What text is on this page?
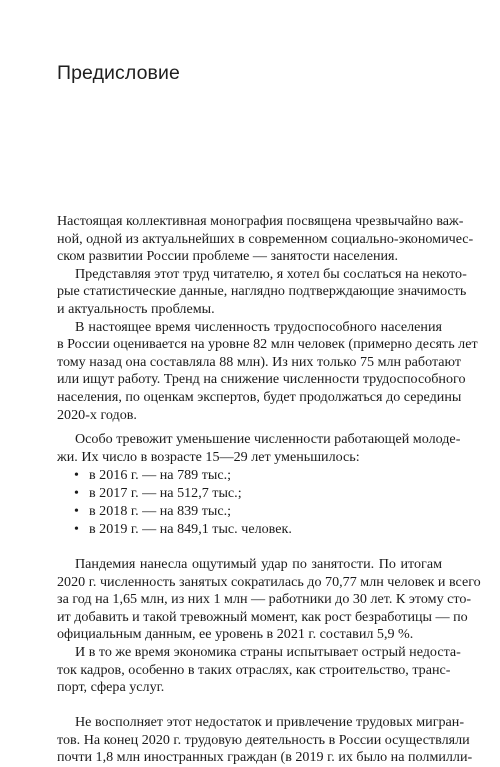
Предисловие

Настоящая коллективная монография посвящена чрезвычайно важ-
ной, одной из актуальнейших в современном социально-экономичес-
ском развитии России проблеме — занятости населения.

Представляя этот труд читателю, я хотел бы сослаться на некото-
рые статистические данные, наглядно подтверждающие значимость
и актуальность проблемы.

В настоящее время численность трудоспособного населения
в России оценивается на уровне 82 млн человек (примерно десять лет
тому назад она составляла 88 млн). Из них только 75 млн работают
или ищут работу. Тренд на снижение численности трудоспособного
населения, по оценкам экспертов, будет продолжаться до середины
2020-х годов.

Особо тревожит уменьшение численности работающей молоде-
жи. Их число в возрасте 15—29 лет уменьшилось:

• в 2016 г. — на 789 тыс.;
• в 2017 г. — на 512,7 тыс.;
• в 2018 г. — на 839 тыс.;
• в 2019 г. — на 849,1 тыс. человек.

Пандемия нанесла ощутимый удар по занятости. По итогам
2020 г. численность занятых сократилась до 70,77 млн человек и всего
за год на 1,65 млн, из них 1 млн — работники до 30 лет. К этому сто-
ит добавить и такой тревожный момент, как рост безработицы — по
официальным данным, ее уровень в 2021 г. составил 5,9 %.

И в то же время экономика страны испытывает острый недоста-
ток кадров, особенно в таких отраслях, как строительство, транс-
порт, сфера услуг.

Не восполняет этот недостаток и привлечение трудовых мигран-
тов. На конец 2020 г. трудовую деятельность в России осуществляли
почти 1,8 млн иностранных граждан (в 2019 г. их было на полмилли-
